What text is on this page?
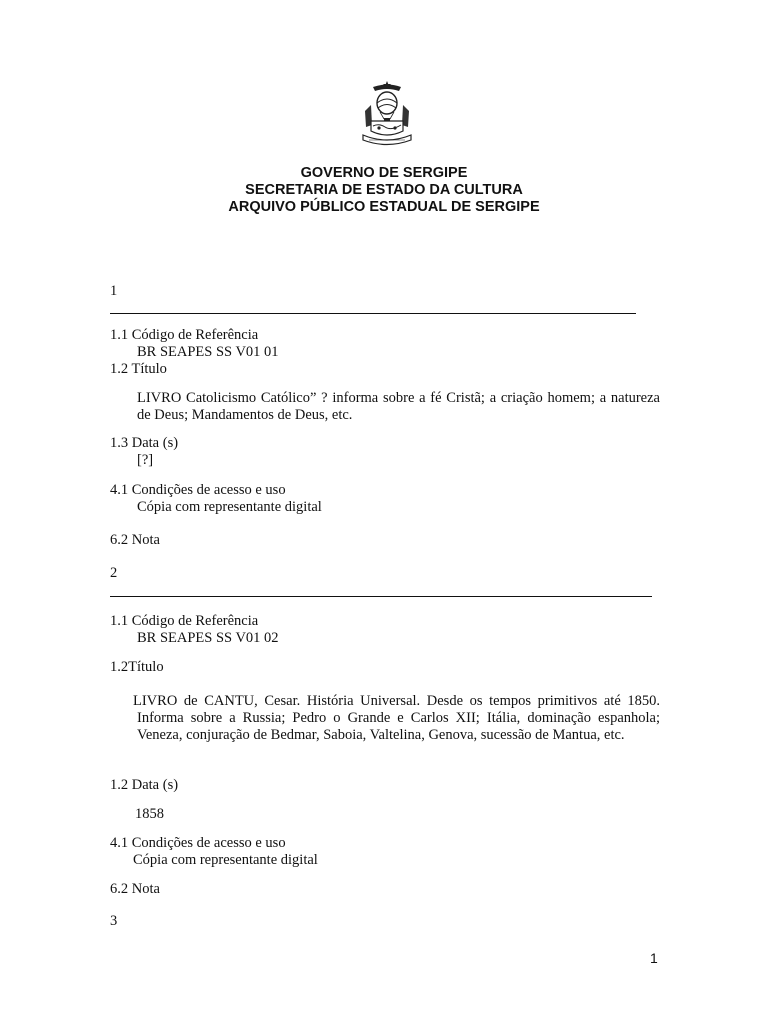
GOVERNO DE SERGIPE
SECRETARIA DE ESTADO DA CULTURA
ARQUIVO PÚBLICO ESTADUAL DE SERGIPE
1
1.1 Código de Referência
BR SEAPES SS V01 01
1.2 Título
LIVRO Catolicismo Católico” ? informa sobre a fé Cristã; a criação homem; a natureza de Deus; Mandamentos de Deus, etc.
1.3 Data (s)
[?]
4.1 Condições de acesso e uso
Cópia com representante digital
6.2 Nota
2
1.1 Código de Referência
BR SEAPES SS V01 02
1.2Título
LIVRO de CANTU, Cesar. História Universal. Desde os tempos primitivos até 1850. Informa sobre a Russia; Pedro o Grande e Carlos XII; Itália, dominação espanhola; Veneza, conjuração de Bedmar, Saboia, Valtelina, Genova, sucessão de Mantua, etc.
1.2 Data (s)
1858
4.1 Condições de acesso e uso
Cópia com representante digital
6.2 Nota
3
1
